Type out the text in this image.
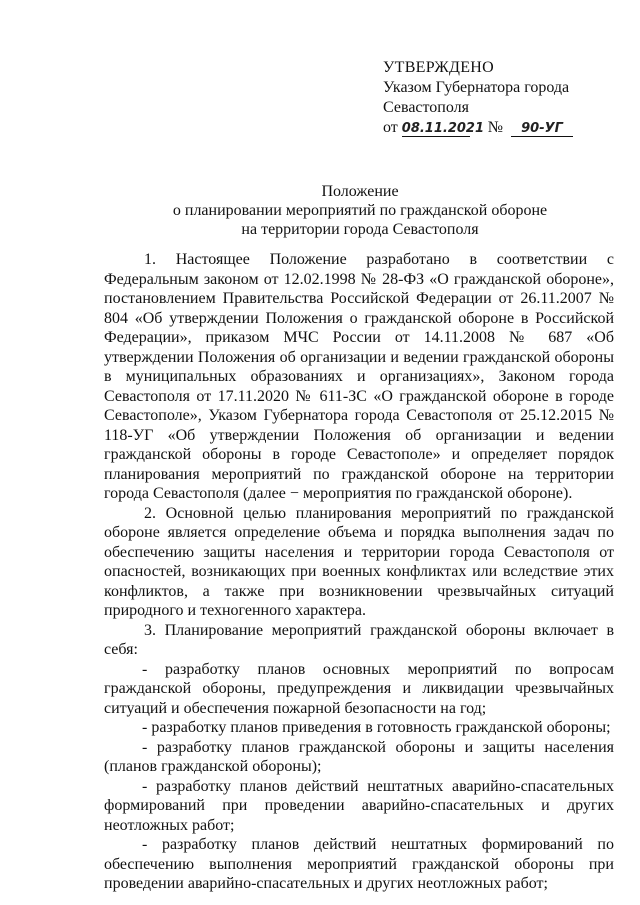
УТВЕРЖДЕНО
Указом Губернатора города
Севастополя
от 08.11.2021 № 90-УГ
Положение
о планировании мероприятий по гражданской обороне
на территории города Севастополя

1. Настоящее Положение разработано в соответствии с Федеральным законом от 12.02.1998 № 28-ФЗ «О гражданской обороне», постановлением Правительства Российской Федерации от 26.11.2007 № 804 «Об утверждении Положения о гражданской обороне в Российской Федерации», приказом МЧС России от 14.11.2008 № 687 «Об утверждении Положения об организации и ведении гражданской обороны в муниципальных образованиях и организациях», Законом города Севастополя от 17.11.2020 № 611-ЗС «О гражданской обороне в городе Севастополе», Указом Губернатора города Севастополя от 25.12.2015 № 118-УГ «Об утверждении Положения об организации и ведении гражданской обороны в городе Севастополе» и определяет порядок планирования мероприятий по гражданской обороне на территории города Севастополя (далее − мероприятия по гражданской обороне).

2. Основной целью планирования мероприятий по гражданской обороне является определение объема и порядка выполнения задач по обеспечению защиты населения и территории города Севастополя от опасностей, возникающих при военных конфликтах или вследствие этих конфликтов, а также при возникновении чрезвычайных ситуаций природного и техногенного характера.

3. Планирование мероприятий гражданской обороны включает в себя:

- разработку планов основных мероприятий по вопросам гражданской обороны, предупреждения и ликвидации чрезвычайных ситуаций и обеспечения пожарной безопасности на год;

- разработку планов приведения в готовность гражданской обороны;

- разработку планов гражданской обороны и защиты населения (планов гражданской обороны);

- разработку планов действий нештатных аварийно-спасательных формирований при проведении аварийно-спасательных и других неотложных работ;

- разработку планов действий нештатных формирований по обеспечению выполнения мероприятий гражданской обороны при проведении аварийно-спасательных и других неотложных работ;
